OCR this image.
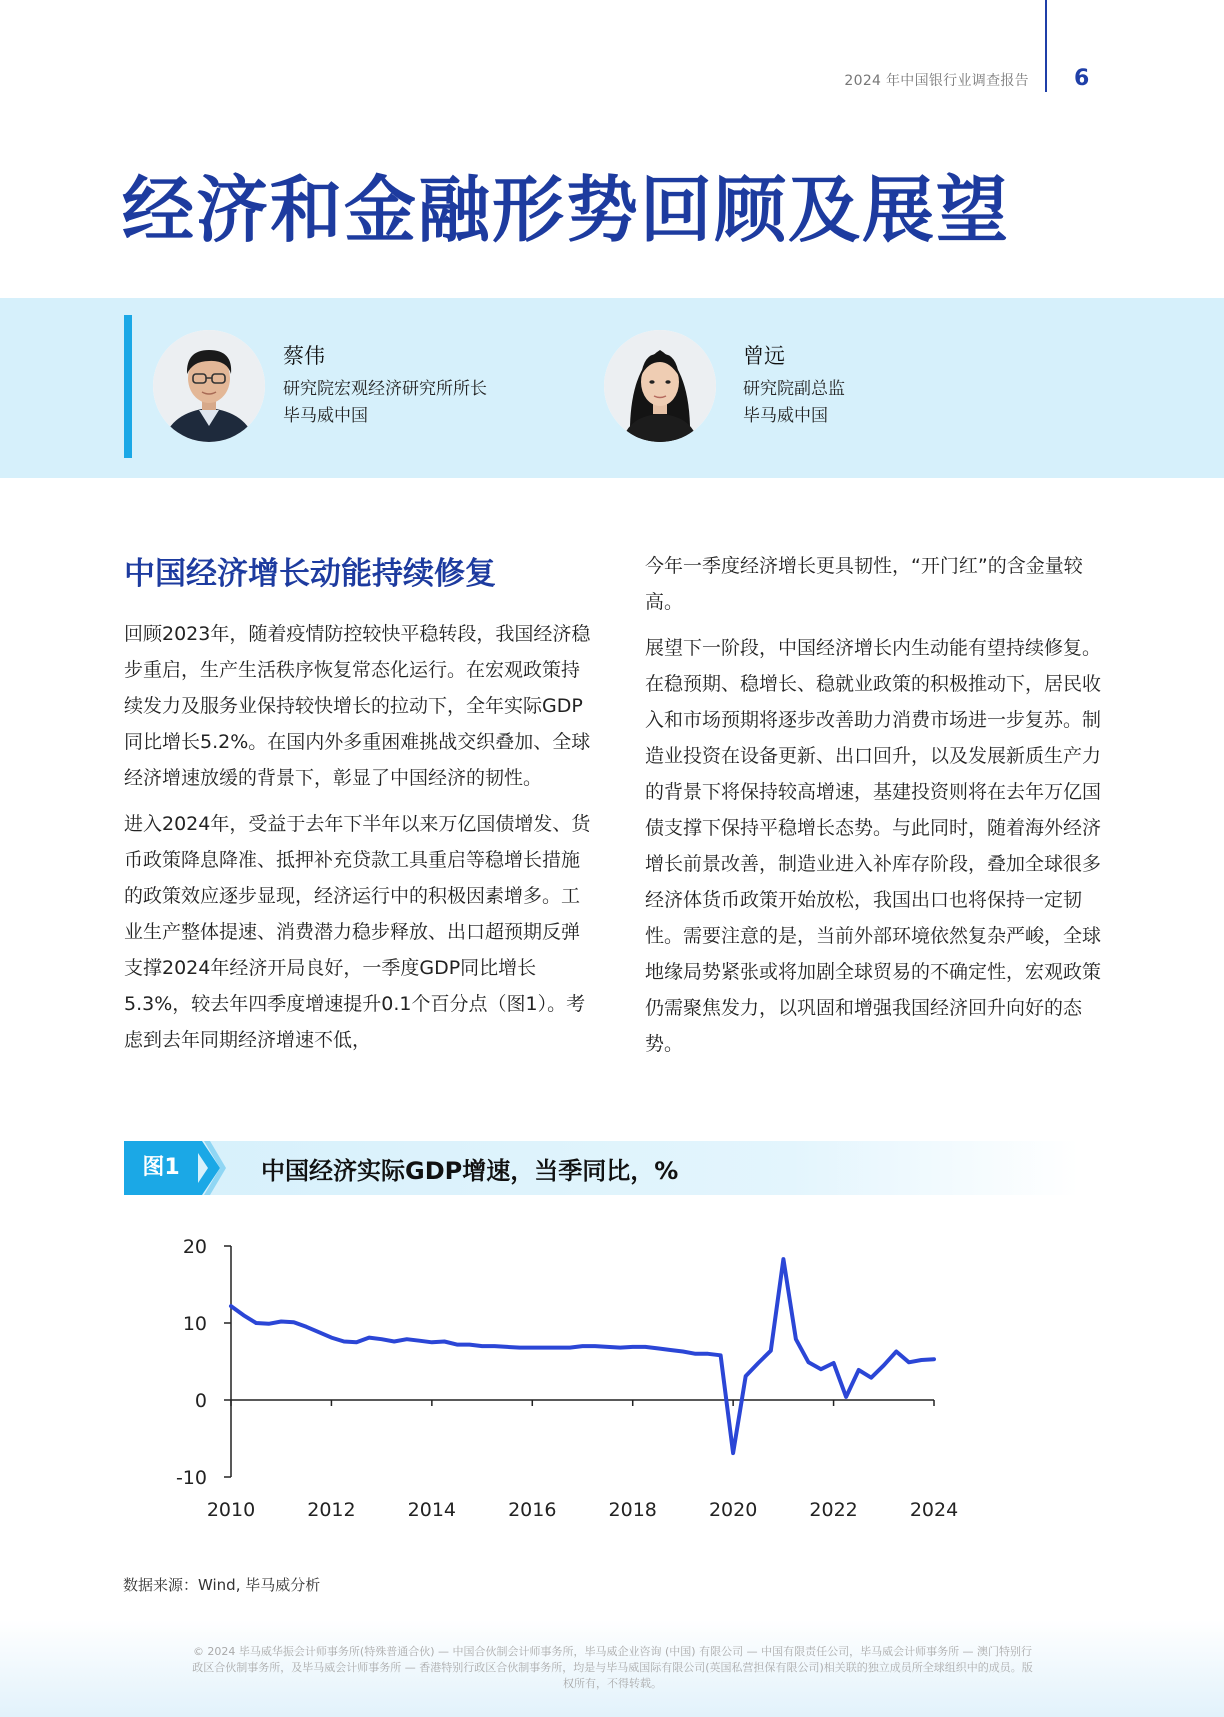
2024 年中国银行业调查报告 6
经济和金融形势回顾及展望
蔡伟
研究院宏观经济研究所所长
毕马威中国
曾远
研究院副总监
毕马威中国
中国经济增长动能持续修复

回顾2023年，随着疫情防控较快平稳转段，我国经济稳步重启，生产生活秩序恢复常态化运行。在宏观政策持续发力及服务业保持较快增长的拉动下，全年实际GDP同比增长5.2%。在国内外多重困难挑战交织叠加、全球经济增速放缓的背景下，彰显了中国经济的韧性。

进入2024年，受益于去年下半年以来万亿国债增发、货币政策降息降准、抵押补充贷款工具重启等稳增长措施的政策效应逐步显现，经济运行中的积极因素增多。工业生产整体提速、消费潜力稳步释放、出口超预期反弹支撑2024年经济开局良好，一季度GDP同比增长5.3%，较去年四季度增速提升0.1个百分点（图1）。考虑到去年同期经济增速不低，

今年一季度经济增长更具韧性，“开门红”的含金量较高。

展望下一阶段，中国经济增长内生动能有望持续修复。在稳预期、稳增长、稳就业政策的积极推动下，居民收入和市场预期将逐步改善助力消费市场进一步复苏。制造业投资在设备更新、出口回升，以及发展新质生产力的背景下将保持较高增速，基建投资则将在去年万亿国债支撑下保持平稳增长态势。与此同时，随着海外经济增长前景改善，制造业进入补库存阶段，叠加全球很多经济体货币政策开始放松，我国出口也将保持一定韧性。需要注意的是，当前外部环境依然复杂严峻，全球地缘局势紧张或将加剧全球贸易的不确定性，宏观政策仍需聚焦发力，以巩固和增强我国经济回升向好的态势。

图1	中国经济实际GDP增速，当季同比，%
20
10
0
-10
2010	2012	2014	2016	2018	2020	2022	2024
数据来源：Wind, 毕马威分析
© 2024 毕马威华振会计师事务所(特殊普通合伙) — 中国合伙制会计师事务所，毕马威企业咨询 (中国) 有限公司 — 中国有限责任公司，毕马威会计师事务所 — 澳门特别行政区合伙制事务所，及毕马威会计师事务所 — 香港特别行政区合伙制事务所，均是与毕马威国际有限公司(英国私营担保有限公司)相关联的独立成员所全球组织中的成员。版权所有，不得转载。
